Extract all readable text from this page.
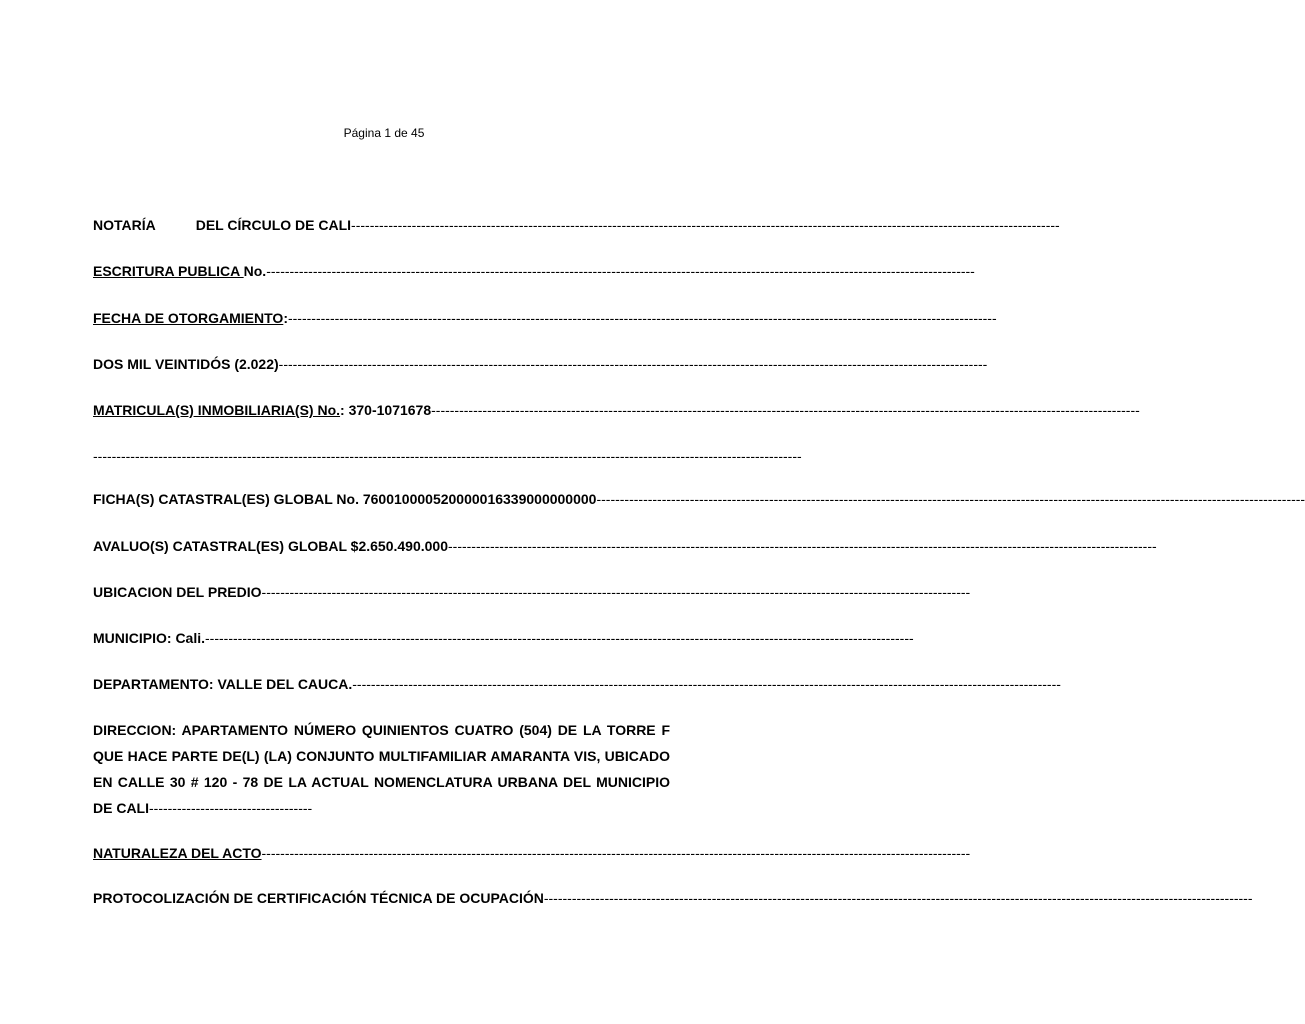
Página 1 de 45
NOTARÍA	DEL CÍRCULO DE CALI--------------------------------------------------------------------------------------------------------------------------------------------------------
ESCRITURA PUBLICA No.--------------------------------------------------------------------------------------------------------------------------------------------------------
FECHA DE OTORGAMIENTO:--------------------------------------------------------------------------------------------------------------------------------------------------------
DOS MIL VEINTIDÓS (2.022)--------------------------------------------------------------------------------------------------------------------------------------------------------
MATRICULA(S) INMOBILIARIA(S) No.: 370-1071678--------------------------------------------------------------------------------------------------------------------------------------------------------
--------------------------------------------------------------------------------------------------------------------------------------------------------
FICHA(S) CATASTRAL(ES) GLOBAL No. 760010000520000016339000000000--------------------------------------------------------------------------------------------------------------------------------------------------------
AVALUO(S) CATASTRAL(ES) GLOBAL $2.650.490.000--------------------------------------------------------------------------------------------------------------------------------------------------------
UBICACION DEL PREDIO--------------------------------------------------------------------------------------------------------------------------------------------------------
MUNICIPIO: Cali.--------------------------------------------------------------------------------------------------------------------------------------------------------
DEPARTAMENTO: VALLE DEL CAUCA.--------------------------------------------------------------------------------------------------------------------------------------------------------
DIRECCION: APARTAMENTO NÚMERO QUINIENTOS CUATRO (504) DE LA TORRE F QUE HACE PARTE DE(L) (LA) CONJUNTO MULTIFAMILIAR AMARANTA VIS, UBICADO EN CALLE 30 # 120 - 78 DE LA ACTUAL NOMENCLATURA URBANA DEL MUNICIPIO DE CALI-----------------------------------
NATURALEZA DEL ACTO--------------------------------------------------------------------------------------------------------------------------------------------------------
PROTOCOLIZACIÓN DE CERTIFICACIÓN TÉCNICA DE OCUPACIÓN--------------------------------------------------------------------------------------------------------------------------------------------------------
